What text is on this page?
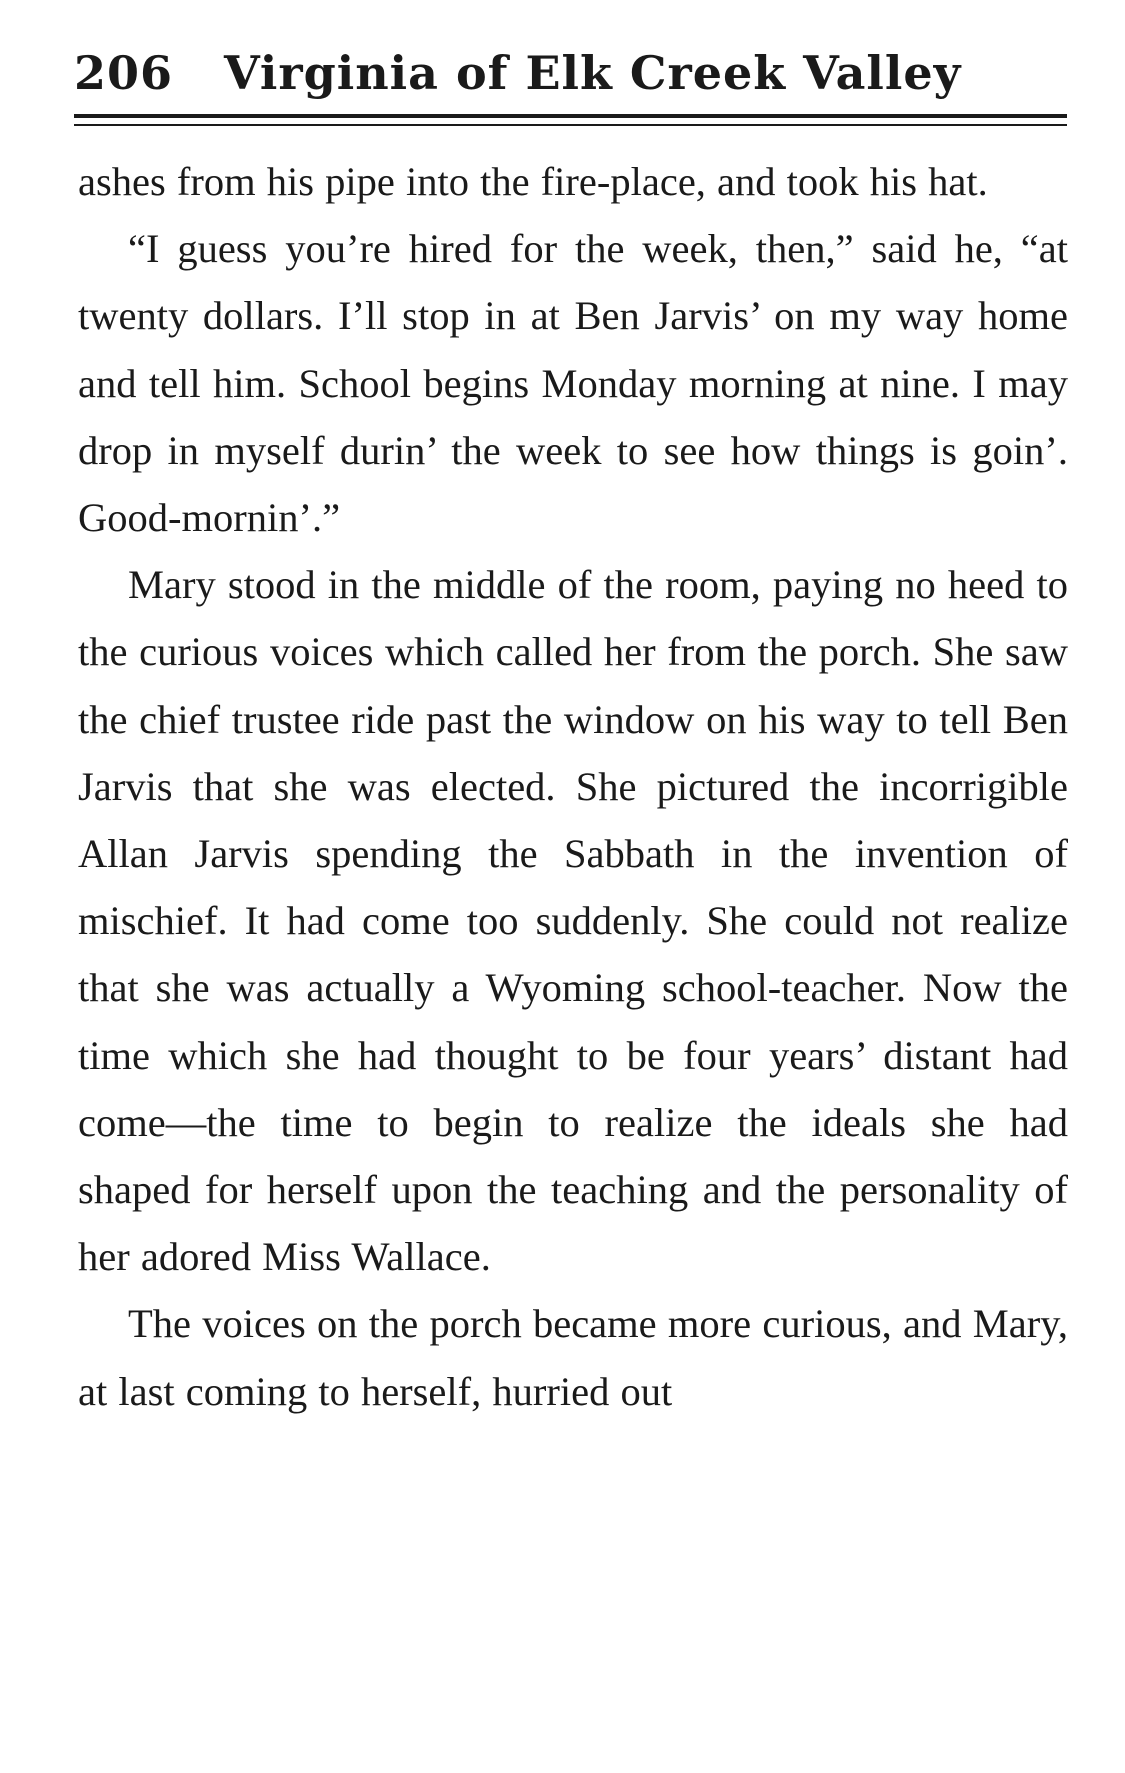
206 Virginia of Elk Creek Valley

ashes from his pipe into the fire-place, and took his hat.

“I guess you’re hired for the week, then,” said he, “at twenty dollars. I’ll stop in at Ben Jarvis’ on my way home and tell him. School begins Monday morning at nine. I may drop in myself durin’ the week to see how things is goin’. Good-mornin’.”

Mary stood in the middle of the room, paying no heed to the curious voices which called her from the porch. She saw the chief trustee ride past the window on his way to tell Ben Jarvis that she was elected. She pictured the incorrigible Allan Jarvis spending the Sabbath in the invention of mischief. It had come too suddenly. She could not realize that she was actually a Wyoming school-teacher. Now the time which she had thought to be four years’ distant had come—the time to begin to realize the ideals she had shaped for herself upon the teaching and the personality of her adored Miss Wallace.

The voices on the porch became more curious, and Mary, at last coming to herself, hurried out
